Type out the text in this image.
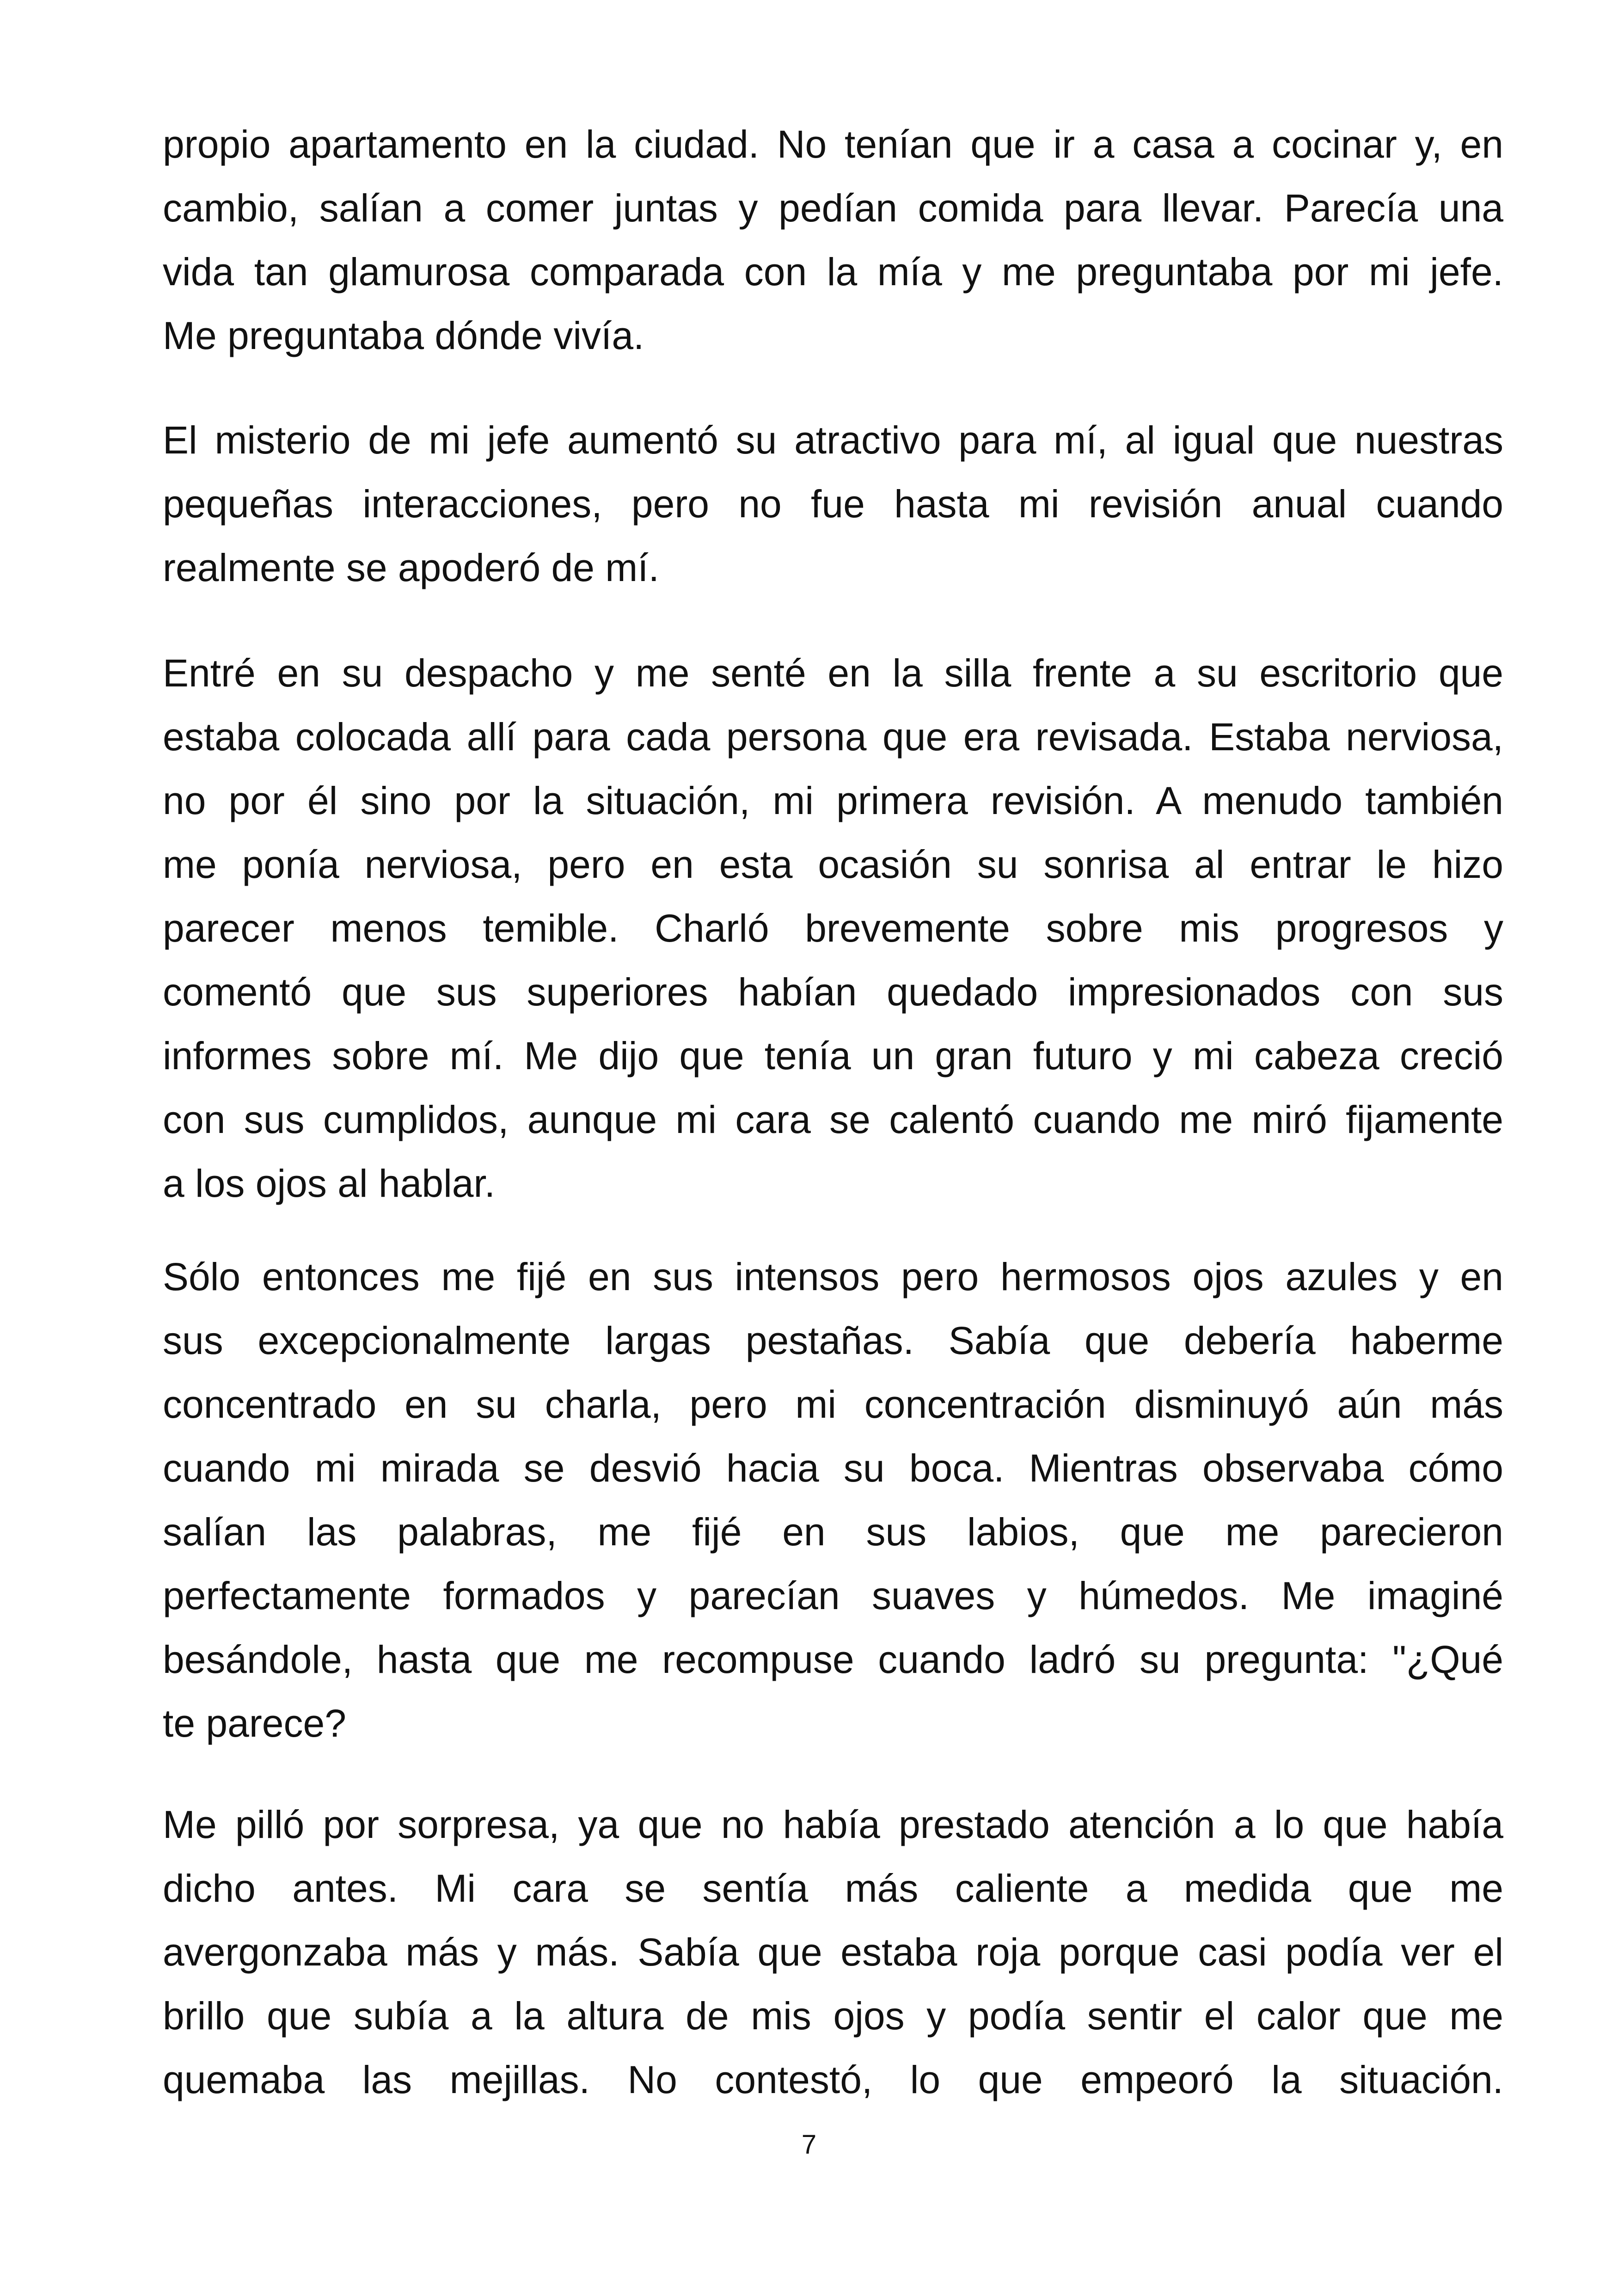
propio apartamento en la ciudad. No tenían que ir a casa a cocinar y, en
cambio, salían a comer juntas y pedían comida para llevar. Parecía una
vida tan glamurosa comparada con la mía y me preguntaba por mi jefe.
Me preguntaba dónde vivía.
El misterio de mi jefe aumentó su atractivo para mí, al igual que nuestras
pequeñas interacciones, pero no fue hasta mi revisión anual cuando
realmente se apoderó de mí.
Entré en su despacho y me senté en la silla frente a su escritorio que
estaba colocada allí para cada persona que era revisada. Estaba nerviosa,
no por él sino por la situación, mi primera revisión. A menudo también
me ponía nerviosa, pero en esta ocasión su sonrisa al entrar le hizo
parecer menos temible. Charló brevemente sobre mis progresos y
comentó que sus superiores habían quedado impresionados con sus
informes sobre mí. Me dijo que tenía un gran futuro y mi cabeza creció
con sus cumplidos, aunque mi cara se calentó cuando me miró fijamente
a los ojos al hablar.
Sólo entonces me fijé en sus intensos pero hermosos ojos azules y en
sus excepcionalmente largas pestañas. Sabía que debería haberme
concentrado en su charla, pero mi concentración disminuyó aún más
cuando mi mirada se desvió hacia su boca. Mientras observaba cómo
salían las palabras, me fijé en sus labios, que me parecieron
perfectamente formados y parecían suaves y húmedos. Me imaginé
besándole, hasta que me recompuse cuando ladró su pregunta: "¿Qué
te parece?
Me pilló por sorpresa, ya que no había prestado atención a lo que había
dicho antes. Mi cara se sentía más caliente a medida que me
avergonzaba más y más. Sabía que estaba roja porque casi podía ver el
brillo que subía a la altura de mis ojos y podía sentir el calor que me
quemaba las mejillas. No contestó, lo que empeoró la situación.
7
